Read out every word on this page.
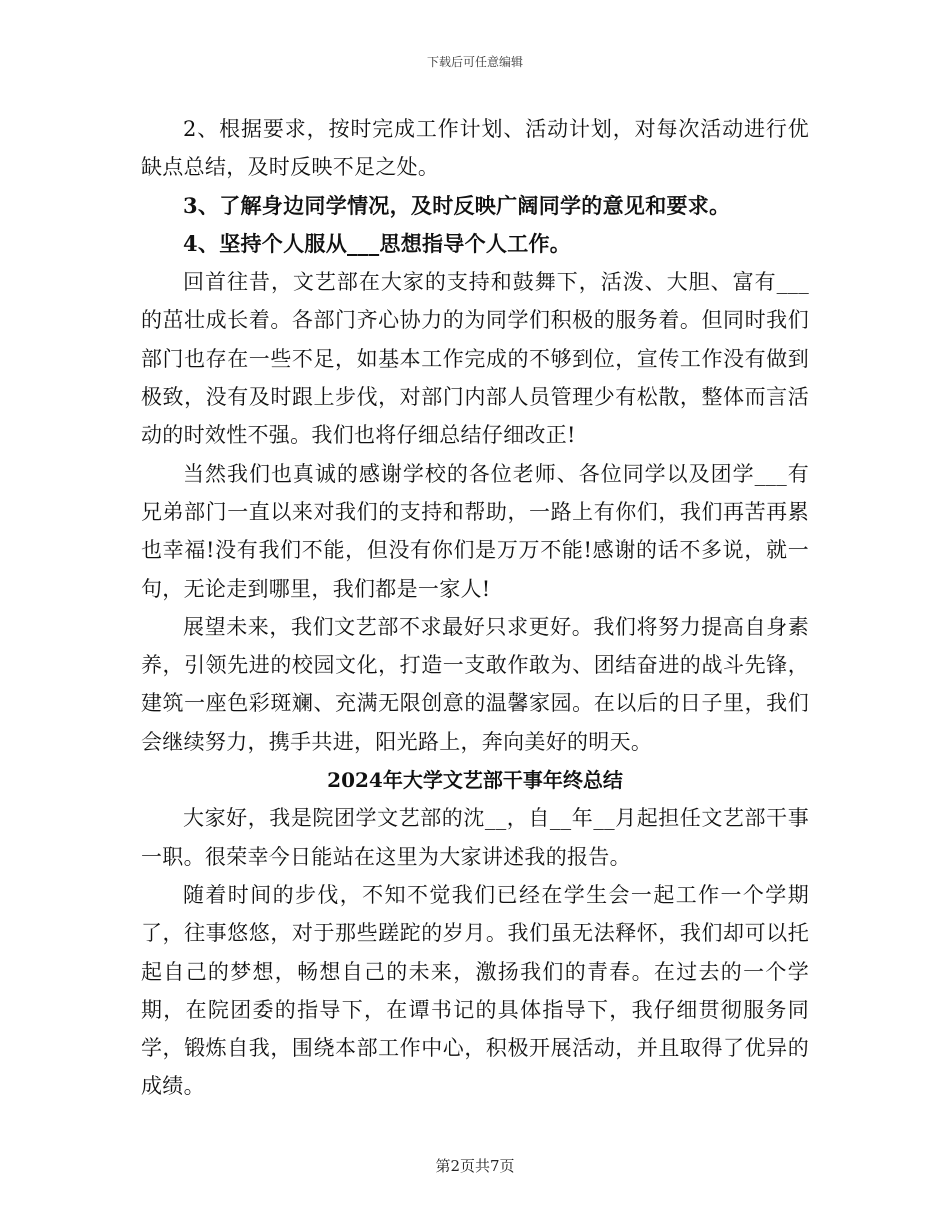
下载后可任意编辑

2、根据要求，按时完成工作计划、活动计划，对每次活动进行优缺点总结，及时反映不足之处。

3、了解身边同学情况，及时反映广阔同学的意见和要求。

4、坚持个人服从___思想指导个人工作。

回首往昔，文艺部在大家的支持和鼓舞下，活泼、大胆、富有___的茁壮成长着。各部门齐心协力的为同学们积极的服务着。但同时我们部门也存在一些不足，如基本工作完成的不够到位，宣传工作没有做到极致，没有及时跟上步伐，对部门内部人员管理少有松散，整体而言活动的时效性不强。我们也将仔细总结仔细改正!

当然我们也真诚的感谢学校的各位老师、各位同学以及团学___有兄弟部门一直以来对我们的支持和帮助，一路上有你们，我们再苦再累也幸福!没有我们不能，但没有你们是万万不能!感谢的话不多说，就一句，无论走到哪里，我们都是一家人!

展望未来，我们文艺部不求最好只求更好。我们将努力提高自身素养，引领先进的校园文化，打造一支敢作敢为、团结奋进的战斗先锋，建筑一座色彩斑斓、充满无限创意的温馨家园。在以后的日子里，我们会继续努力，携手共进，阳光路上，奔向美好的明天。

2024年大学文艺部干事年终总结

大家好，我是院团学文艺部的沈__，自__年__月起担任文艺部干事一职。很荣幸今日能站在这里为大家讲述我的报告。

随着时间的步伐，不知不觉我们已经在学生会一起工作一个学期了，往事悠悠，对于那些蹉跎的岁月。我们虽无法释怀，我们却可以托起自己的梦想，畅想自己的未来，激扬我们的青春。在过去的一个学期，在院团委的指导下，在谭书记的具体指导下，我仔细贯彻服务同学，锻炼自我，围绕本部工作中心，积极开展活动，并且取得了优异的成绩。

第2页共7页
